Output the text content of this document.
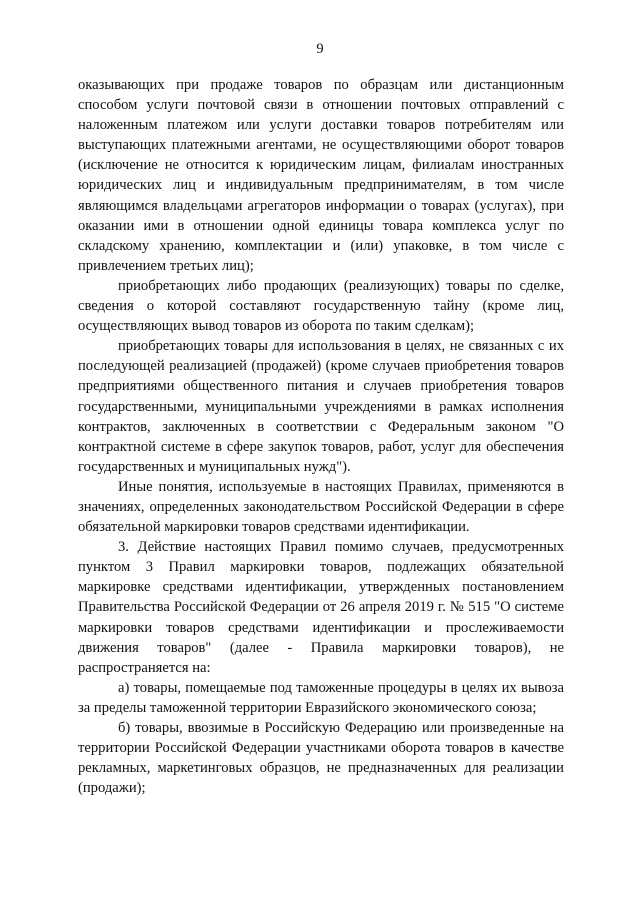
9

оказывающих при продаже товаров по образцам или дистанционным способом услуги почтовой связи в отношении почтовых отправлений с наложенным платежом или услуги доставки товаров потребителям или выступающих платежными агентами, не осуществляющими оборот товаров (исключение не относится к юридическим лицам, филиалам иностранных юридических лиц и индивидуальным предпринимателям, в том числе являющимся владельцами агрегаторов информации о товарах (услугах), при оказании ими в отношении одной единицы товара комплекса услуг по складскому хранению, комплектации и (или) упаковке, в том числе с привлечением третьих лиц);

приобретающих либо продающих (реализующих) товары по сделке, сведения о которой составляют государственную тайну (кроме лиц, осуществляющих вывод товаров из оборота по таким сделкам);

приобретающих товары для использования в целях, не связанных с их последующей реализацией (продажей) (кроме случаев приобретения товаров предприятиями общественного питания и случаев приобретения товаров государственными, муниципальными учреждениями в рамках исполнения контрактов, заключенных в соответствии с Федеральным законом "О контрактной системе в сфере закупок товаров, работ, услуг для обеспечения государственных и муниципальных нужд").

Иные понятия, используемые в настоящих Правилах, применяются в значениях, определенных законодательством Российской Федерации в сфере обязательной маркировки товаров средствами идентификации.

3. Действие настоящих Правил помимо случаев, предусмотренных пунктом 3 Правил маркировки товаров, подлежащих обязательной маркировке средствами идентификации, утвержденных постановлением Правительства Российской Федерации от 26 апреля 2019 г. № 515 "О системе маркировки товаров средствами идентификации и прослеживаемости движения товаров" (далее - Правила маркировки товаров), не распространяется на:

а) товары, помещаемые под таможенные процедуры в целях их вывоза за пределы таможенной территории Евразийского экономического союза;

б) товары, ввозимые в Российскую Федерацию или произведенные на территории Российской Федерации участниками оборота товаров в качестве рекламных, маркетинговых образцов, не предназначенных для реализации (продажи);
